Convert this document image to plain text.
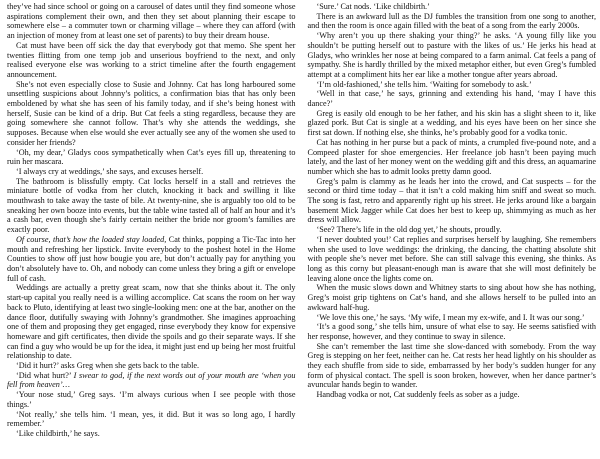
they’ve had since school or going on a carousel of dates until they find someone whose aspirations complement their own, and then they set about planning their escape to somewhere else – a commuter town or charming village – where they can afford (with an injection of money from at least one set of parents) to buy their dream house.

Cat must have been off sick the day that everybody got that memo. She spent her twenties flitting from one temp job and unserious boyfriend to the next, and only realised everyone else was working to a strict timeline after the fourth engagement announcement.

She’s not even especially close to Susie and Johnny. Cat has long harboured some unsettling suspicions about Johnny’s politics, a confirmation bias that has only been emboldened by what she has seen of his family today, and if she’s being honest with herself, Susie can be kind of a drip. But Cat feels a sting regardless, because they are going somewhere she cannot follow. That’s why she attends the weddings, she supposes. Because when else would she ever actually see any of the women she used to consider her friends?

‘Oh, my dear,’ Gladys coos sympathetically when Cat’s eyes fill up, threatening to ruin her mascara.

‘I always cry at weddings,’ she says, and excuses herself.

The bathroom is blissfully empty. Cat locks herself in a stall and retrieves the miniature bottle of vodka from her clutch, knocking it back and swilling it like mouthwash to take away the taste of bile. At twenty-nine, she is arguably too old to be sneaking her own booze into events, but the table wine tasted all of half an hour and it’s a cash bar, even though she’s fairly certain neither the bride nor groom’s families are exactly poor.

Of course, that’s how the loaded stay loaded, Cat thinks, popping a Tic-Tac into her mouth and refreshing her lipstick. Invite everybody to the poshest hotel in the Home Counties to show off just how bougie you are, but don’t actually pay for anything you don’t absolutely have to. Oh, and nobody can come unless they bring a gift or envelope full of cash.

Weddings are actually a pretty great scam, now that she thinks about it. The only start-up capital you really need is a willing accomplice. Cat scans the room on her way back to Pluto, identifying at least two single-looking men: one at the bar, another on the dance floor, dutifully swaying with Johnny’s grandmother. She imagines approaching one of them and proposing they get engaged, rinse everybody they know for expensive homeware and gift certificates, then divide the spoils and go their separate ways. If she can find a guy who would be up for the idea, it might just end up being her most fruitful relationship to date.

‘Did it hurt?’ asks Greg when she gets back to the table.

‘Did what hurt?’ I swear to god, if the next words out of your mouth are ‘when you fell from heaven’…

‘Your nose stud,’ Greg says. ‘I’m always curious when I see people with those things.’

‘Not really,’ she tells him. ‘I mean, yes, it did. But it was so long ago, I hardly remember.’

‘Like childbirth,’ he says.

‘Sure.’ Cat nods. ‘Like childbirth.’

There is an awkward lull as the DJ fumbles the transition from one song to another, and then the room is once again filled with the beat of a song from the early 2000s.

‘Why aren’t you up there shaking your thing?’ he asks. ‘A young filly like you shouldn’t be putting herself out to pasture with the likes of us.’ He jerks his head at Gladys, who wrinkles her nose at being compared to a farm animal. Cat feels a pang of sympathy. She is hardly thrilled by the mixed metaphor either, but even Greg’s fumbled attempt at a compliment hits her ear like a mother tongue after years abroad.

‘I’m old-fashioned,’ she tells him. ‘Waiting for somebody to ask.’

‘Well in that case,’ he says, grinning and extending his hand, ‘may I have this dance?’

Greg is easily old enough to be her father, and his skin has a slight sheen to it, like glazed pork. But Cat is single at a wedding, and his eyes have been on her since she first sat down. If nothing else, she thinks, he’s probably good for a vodka tonic.

Cat has nothing in her purse but a pack of mints, a crumpled five-pound note, and a Compeed plaster for shoe emergencies. Her freelance job hasn’t been paying much lately, and the last of her money went on the wedding gift and this dress, an aquamarine number which she has to admit looks pretty damn good.

Greg’s palm is clammy as he leads her into the crowd, and Cat suspects – for the second or third time today – that it isn’t a cold making him sniff and sweat so much. The song is fast, retro and apparently right up his street. He jerks around like a bargain basement Mick Jagger while Cat does her best to keep up, shimmying as much as her dress will allow.

‘See? There’s life in the old dog yet,’ he shouts, proudly.

‘I never doubted you!’ Cat replies and surprises herself by laughing. She remembers when she used to love weddings: the drinking, the dancing, the chatting absolute shit with people she’s never met before. She can still salvage this evening, she thinks. As long as this corny but pleasant-enough man is aware that she will most definitely be leaving alone once the lights come on.

When the music slows down and Whitney starts to sing about how she has nothing, Greg’s moist grip tightens on Cat’s hand, and she allows herself to be pulled into an awkward half-hug.

‘We love this one,’ he says. ‘My wife, I mean my ex-wife, and I. It was our song.’

‘It’s a good song,’ she tells him, unsure of what else to say. He seems satisfied with her response, however, and they continue to sway in silence.

She can’t remember the last time she slow-danced with somebody. From the way Greg is stepping on her feet, neither can he. Cat rests her head lightly on his shoulder as they each shuffle from side to side, embarrassed by her body’s sudden hunger for any form of physical contact. The spell is soon broken, however, when her dance partner’s avuncular hands begin to wander.

Handbag vodka or not, Cat suddenly feels as sober as a judge.
